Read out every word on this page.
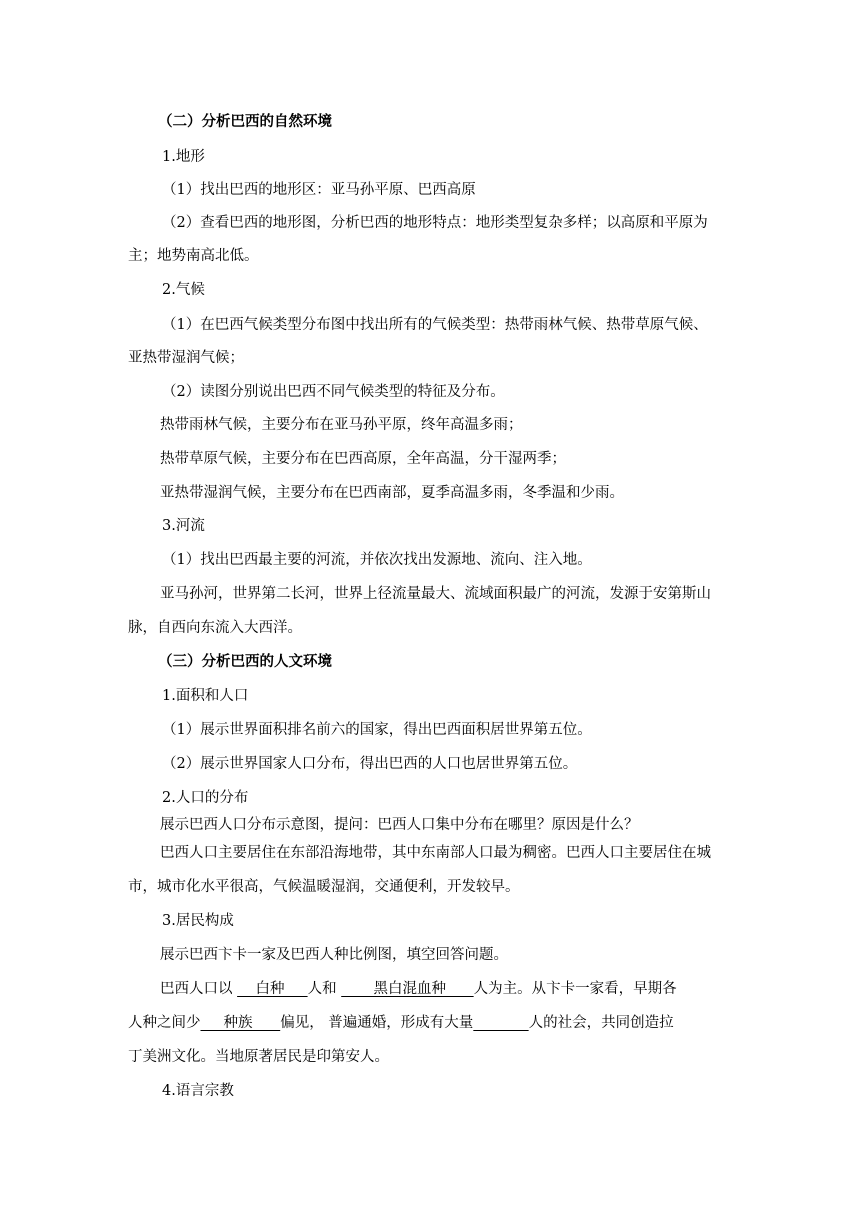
（二）分析巴西的自然环境
1.地形
（1）找出巴西的地形区：亚马孙平原、巴西高原
（2）查看巴西的地形图，分析巴西的地形特点：地形类型复杂多样；以高原和平原为
主；地势南高北低。
2.气候
（1）在巴西气候类型分布图中找出所有的气候类型：热带雨林气候、热带草原气候、
亚热带湿润气候；
（2）读图分别说出巴西不同气候类型的特征及分布。
热带雨林气候，主要分布在亚马孙平原，终年高温多雨；
热带草原气候，主要分布在巴西高原，全年高温，分干湿两季；
亚热带湿润气候，主要分布在巴西南部，夏季高温多雨，冬季温和少雨。
3.河流
（1）找出巴西最主要的河流，并依次找出发源地、流向、注入地。
亚马孙河，世界第二长河，世界上径流量最大、流域面积最广的河流，发源于安第斯山
脉，自西向东流入大西洋。
（三）分析巴西的人文环境
1.面积和人口
（1）展示世界面积排名前六的国家，得出巴西面积居世界第五位。
（2）展示世界国家人口分布，得出巴西的人口也居世界第五位。
2.人口的分布
展示巴西人口分布示意图，提问：巴西人口集中分布在哪里？原因是什么？
巴西人口主要居住在东部沿海地带，其中东南部人口最为稠密。巴西人口主要居住在城
市，城市化水平很高，气候温暖湿润，交通便利，开发较早。
3.居民构成
展示巴西卞卡一家及巴西人种比例图，填空回答问题。
巴西人口以     白种     人和        黑白混血种      人为主。从卞卡一家看，早期各
人种之间少     种族      偏见， 普遍通婚，形成有大量	人的社会，共同创造拉
丁美洲文化。当地原著居民是印第安人。
4.语言宗教
